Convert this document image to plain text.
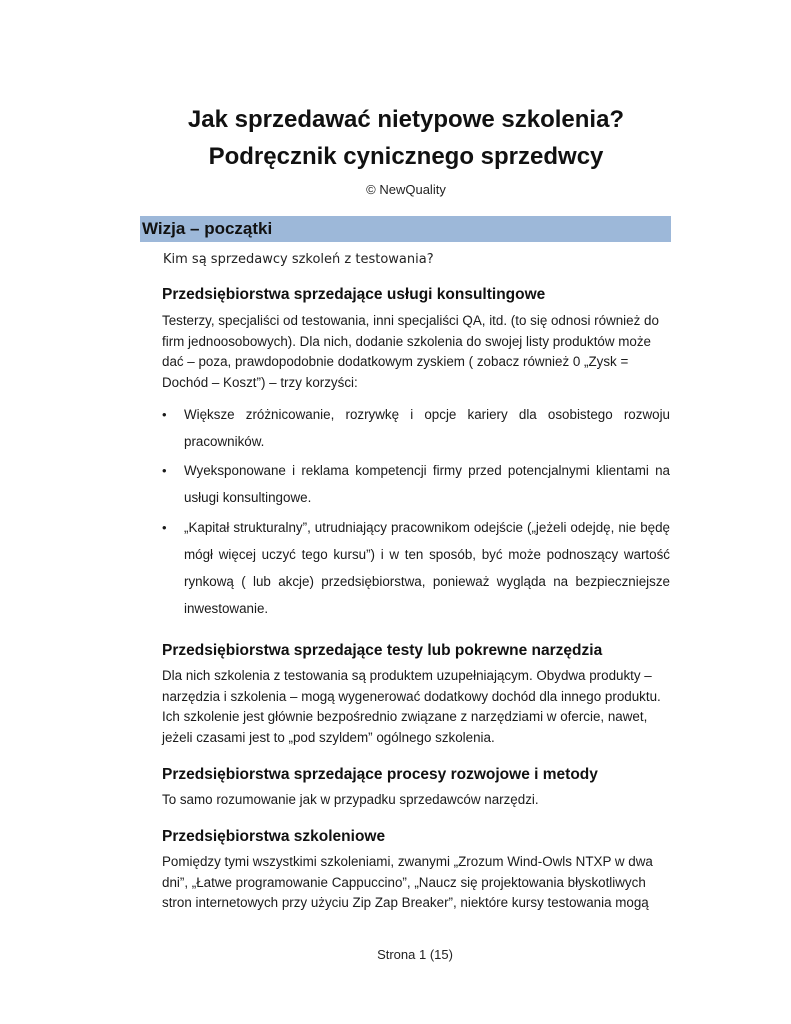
Jak sprzedawać nietypowe szkolenia?
Podręcznik cynicznego sprzedwcy
© NewQuality
Wizja – początki
Kim są sprzedawcy szkoleń z testowania?
Przedsiębiorstwa sprzedające usługi konsultingowe

Testerzy, specjaliści od testowania, inni specjaliści QA, itd. (to się odnosi również do firm jednoosobowych). Dla nich, dodanie szkolenia do swojej listy produktów może dać – poza, prawdopodobnie dodatkowym zyskiem ( zobacz również 0 „Zysk = Dochód – Koszt”) – trzy korzyści:

• Większe zróżnicowanie, rozrywkę i opcje kariery dla osobistego rozwoju pracowników.
• Wyeksponowane i reklama kompetencji firmy przed potencjalnymi klientami na usługi konsultingowe.
• „Kapitał strukturalny”, utrudniający pracownikom odejście („jeżeli odejdę, nie będę mógł więcej uczyć tego kursu”) i w ten sposób, być może podnoszący wartość rynkową ( lub akcje) przedsiębiorstwa, ponieważ wygląda na bezpieczniejsze inwestowanie.
Przedsiębiorstwa sprzedające testy lub pokrewne narzędzia

Dla nich szkolenia z testowania są produktem uzupełniającym. Obydwa produkty – narzędzia i szkolenia – mogą wygenerować dodatkowy dochód dla innego produktu. Ich szkolenie jest głównie bezpośrednio związane z narzędziami w ofercie, nawet, jeżeli czasami jest to „pod szyldem” ogólnego szkolenia.

Przedsiębiorstwa sprzedające procesy rozwojowe i metody

To samo rozumowanie jak w przypadku sprzedawców narzędzi.

Przedsiębiorstwa szkoleniowe

Pomiędzy tymi wszystkimi szkoleniami, zwanymi „Zrozum Wind-Owls NTXP w dwa dni”, „Łatwe programowanie Cappuccino”, „Naucz się projektowania błyskotliwych stron internetowych przy użyciu Zip Zap Breaker”, niektóre kursy testowania mogą

Strona 1 (15)
